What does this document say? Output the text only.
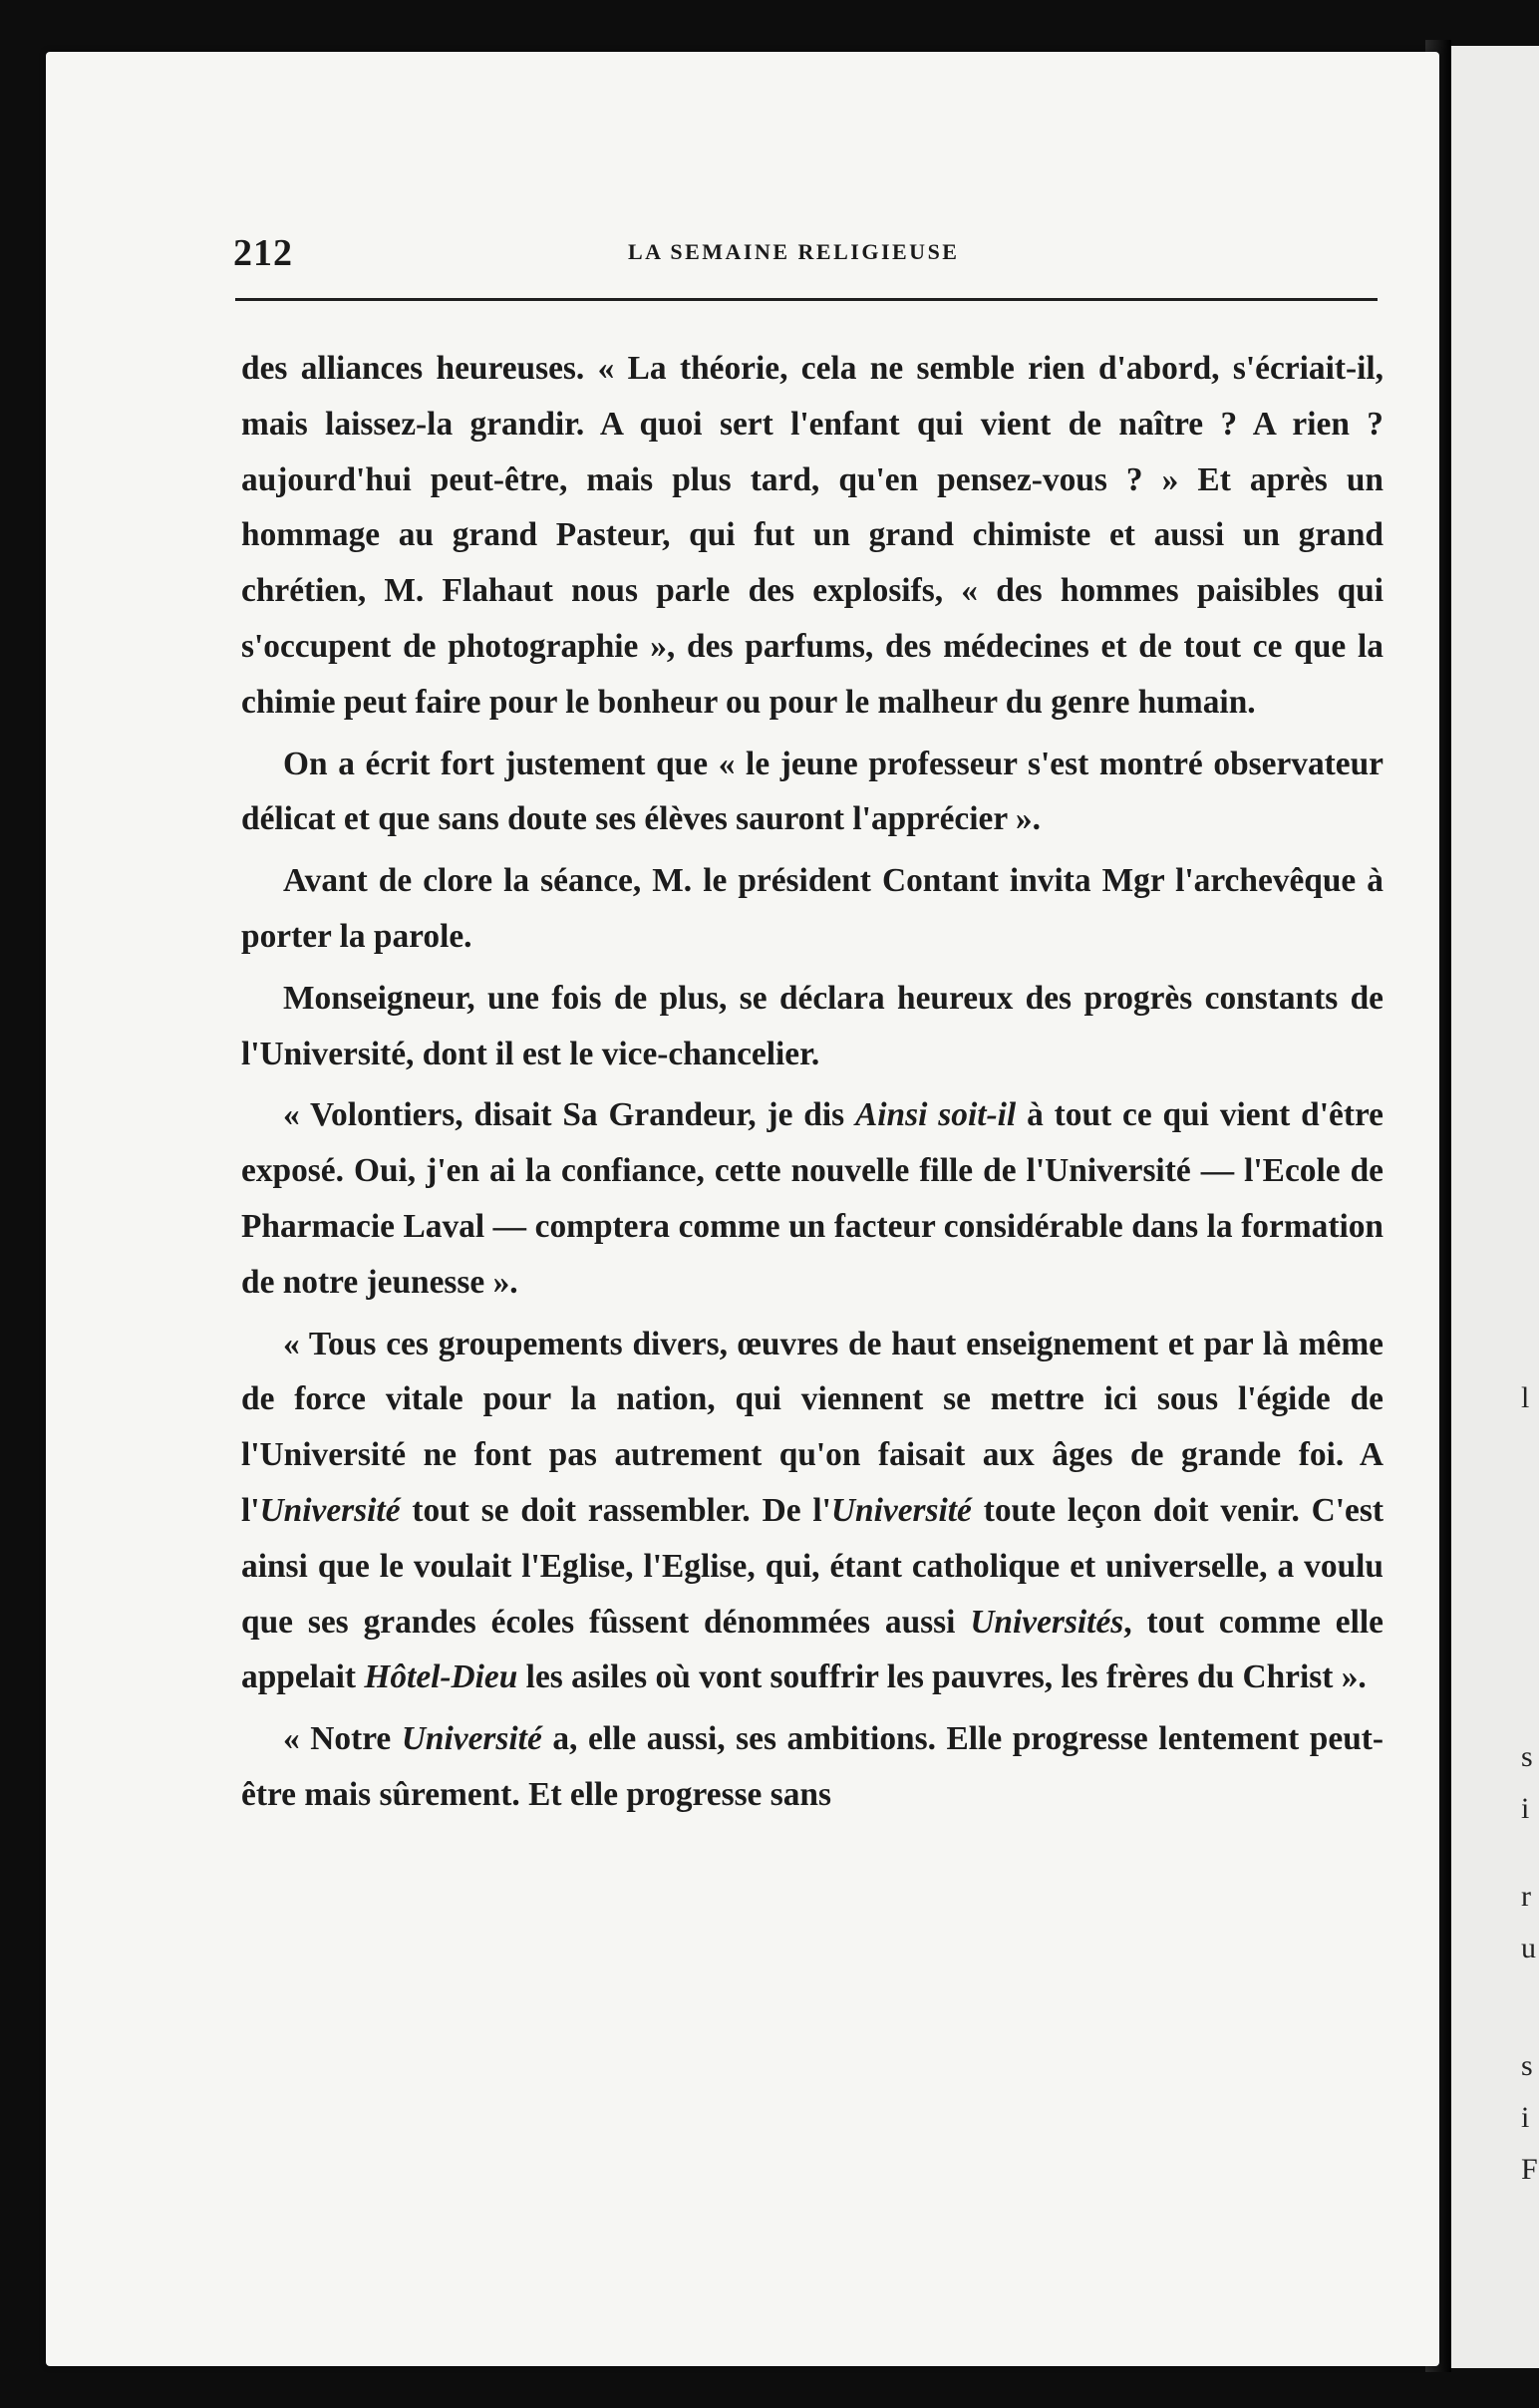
l
s
i
r
u
s
i
F
212	LA SEMAINE RELIGIEUSE

des alliances heureuses. « La théorie, cela ne semble rien d'abord, s'écriait-il, mais laissez-la grandir. A quoi sert l'enfant qui vient de naître ? A rien ? aujourd'hui peut-être, mais plus tard, qu'en pensez-vous ? » Et après un hommage au grand Pasteur, qui fut un grand chimiste et aussi un grand chrétien, M. Flahaut nous parle des explosifs, « des hommes paisibles qui s'occupent de photographie », des parfums, des médecines et de tout ce que la chimie peut faire pour le bonheur ou pour le malheur du genre humain.

On a écrit fort justement que « le jeune professeur s'est montré observateur délicat et que sans doute ses élèves sauront l'apprécier ».

Avant de clore la séance, M. le président Contant invita Mgr l'archevêque à porter la parole.

Monseigneur, une fois de plus, se déclara heureux des progrès constants de l'Université, dont il est le vice-chancelier.

« Volontiers, disait Sa Grandeur, je dis Ainsi soit-il à tout ce qui vient d'être exposé. Oui, j'en ai la confiance, cette nouvelle fille de l'Université — l'Ecole de Pharmacie Laval — comptera comme un facteur considérable dans la formation de notre jeunesse ».

« Tous ces groupements divers, œuvres de haut enseignement et par là même de force vitale pour la nation, qui viennent se mettre ici sous l'égide de l'Université ne font pas autrement qu'on faisait aux âges de grande foi. A l'Université tout se doit rassembler. De l'Université toute leçon doit venir. C'est ainsi que le voulait l'Eglise, l'Eglise, qui, étant catholique et universelle, a voulu que ses grandes écoles fûssent dénommées aussi Universités, tout comme elle appelait Hôtel-Dieu les asiles où vont souffrir les pauvres, les frères du Christ ».

« Notre Université a, elle aussi, ses ambitions. Elle progresse lentement peut-être mais sûrement. Et elle progresse sans
